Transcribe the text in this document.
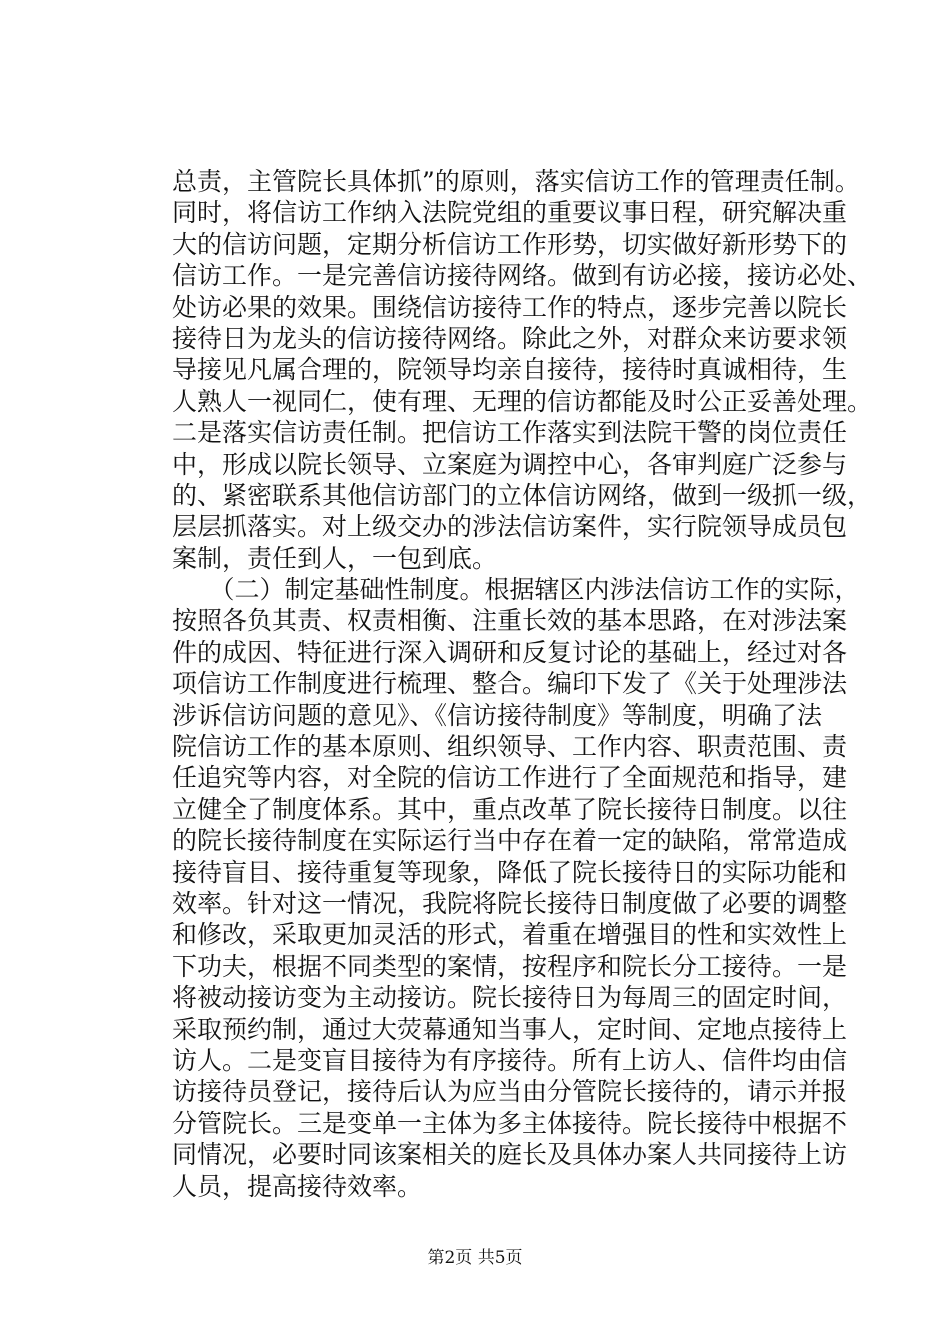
总责，主管院长具体抓”的原则，落实信访工作的管理责任制。
同时，将信访工作纳入法院党组的重要议事日程，研究解决重
大的信访问题，定期分析信访工作形势，切实做好新形势下的
信访工作。一是完善信访接待网络。做到有访必接，接访必处、
处访必果的效果。围绕信访接待工作的特点，逐步完善以院长
接待日为龙头的信访接待网络。除此之外，对群众来访要求领
导接见凡属合理的，院领导均亲自接待，接待时真诚相待，生
人熟人一视同仁，使有理、无理的信访都能及时公正妥善处理。
二是落实信访责任制。把信访工作落实到法院干警的岗位责任
中，形成以院长领导、立案庭为调控中心，各审判庭广泛参与
的、紧密联系其他信访部门的立体信访网络，做到一级抓一级，
层层抓落实。对上级交办的涉法信访案件，实行院领导成员包
案制，责任到人，一包到底。
　　（二）制定基础性制度。根据辖区内涉法信访工作的实际，
按照各负其责、权责相衡、注重长效的基本思路，在对涉法案
件的成因、特征进行深入调研和反复讨论的基础上，经过对各
项信访工作制度进行梳理、整合。编印下发了《关于处理涉法
涉诉信访问题的意见》、《信访接待制度》等制度，明确了法
院信访工作的基本原则、组织领导、工作内容、职责范围、责
任追究等内容，对全院的信访工作进行了全面规范和指导，建
立健全了制度体系。其中，重点改革了院长接待日制度。以往
的院长接待制度在实际运行当中存在着一定的缺陷，常常造成
接待盲目、接待重复等现象，降低了院长接待日的实际功能和
效率。针对这一情况，我院将院长接待日制度做了必要的调整
和修改，采取更加灵活的形式，着重在增强目的性和实效性上
下功夫，根据不同类型的案情，按程序和院长分工接待。一是
将被动接访变为主动接访。院长接待日为每周三的固定时间，
采取预约制，通过大荧幕通知当事人，定时间、定地点接待上
访人。二是变盲目接待为有序接待。所有上访人、信件均由信
访接待员登记，接待后认为应当由分管院长接待的，请示并报
分管院长。三是变单一主体为多主体接待。院长接待中根据不
同情况，必要时同该案相关的庭长及具体办案人共同接待上访
人员，提高接待效率。
第2页 共5页
